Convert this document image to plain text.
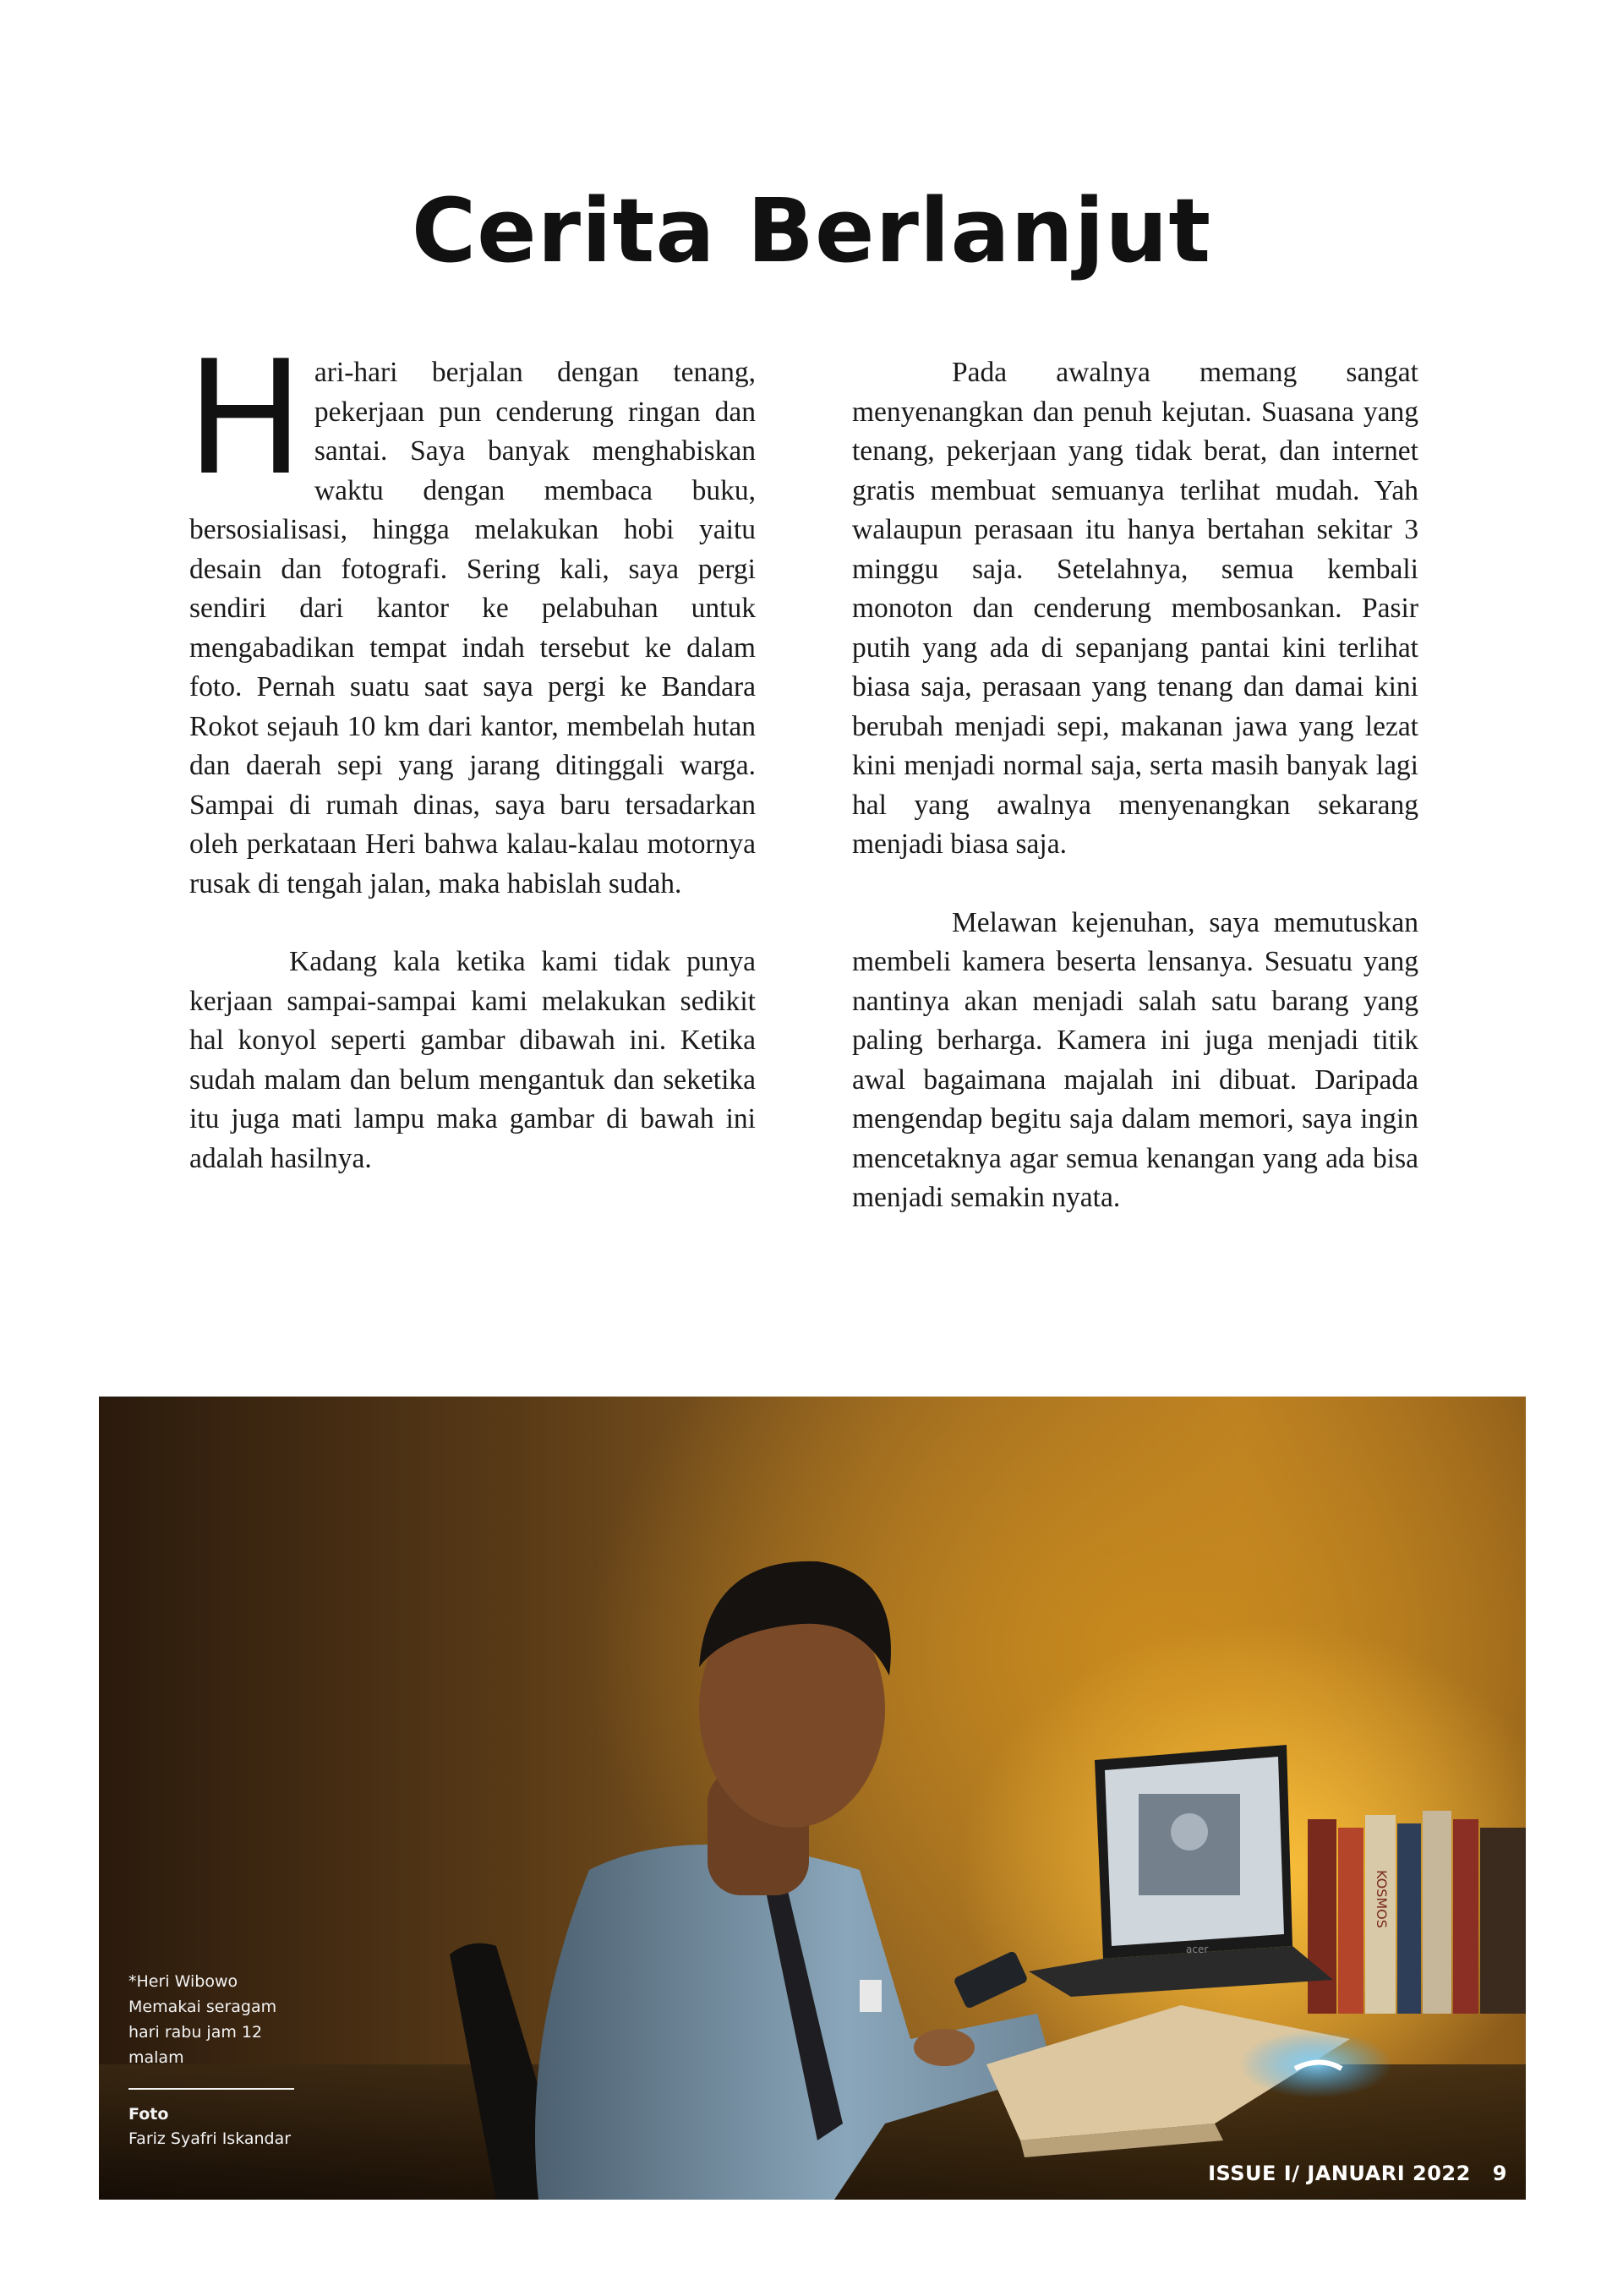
Cerita Berlanjut

Hari-hari berjalan dengan tenang, pekerjaan pun cenderung ringan dan santai. Saya banyak menghabiskan waktu dengan membaca buku, bersosialisasi, hingga melakukan hobi yaitu desain dan fotografi. Sering kali, saya pergi sendiri dari kantor ke pelabuhan untuk mengabadikan tempat indah tersebut ke dalam foto. Pernah suatu saat saya pergi ke Bandara Rokot sejauh 10 km dari kantor, membelah hutan dan daerah sepi yang jarang ditinggali warga. Sampai di rumah dinas, saya baru tersadarkan oleh perkataan Heri bahwa kalau-kalau motornya rusak di tengah jalan, maka habislah sudah.

Kadang kala ketika kami tidak punya kerjaan sampai-sampai kami melakukan sedikit hal konyol seperti gambar dibawah ini. Ketika sudah malam dan belum mengantuk dan seketika itu juga mati lampu maka gambar di bawah ini adalah hasilnya.

Pada awalnya memang sangat menyenangkan dan penuh kejutan. Suasana yang tenang, pekerjaan yang tidak berat, dan internet gratis membuat semuanya terlihat mudah. Yah walaupun perasaan itu hanya bertahan sekitar 3 minggu saja. Setelahnya, semua kembali monoton dan cenderung membosankan. Pasir putih yang ada di sepanjang pantai kini terlihat biasa saja, perasaan yang tenang dan damai kini berubah menjadi sepi, makanan jawa yang lezat kini menjadi normal saja, serta masih banyak lagi hal yang awalnya menyenangkan sekarang menjadi biasa saja.

Melawan kejenuhan, saya memutuskan membeli kamera beserta lensanya. Sesuatu yang nantinya akan menjadi salah satu barang yang paling berharga. Kamera ini juga menjadi titik awal bagaimana majalah ini dibuat. Daripada mengendap begitu saja dalam memori, saya ingin mencetaknya agar semua kenangan yang ada bisa menjadi semakin nyata.

KOSMOS
acer
*Heri Wibowo Memakai seragam hari rabu jam 12 malam
Foto
Fariz Syafri Iskandar
ISSUE I/ JANUARI 2022 9
